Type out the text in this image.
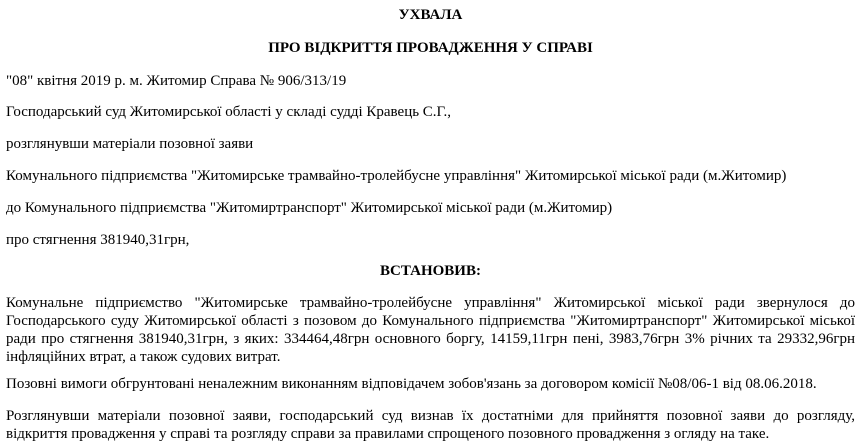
УХВАЛА
ПРО ВІДКРИТТЯ ПРОВАДЖЕННЯ У СПРАВІ
"08" квітня 2019 р. м. Житомир Справа № 906/313/19
Господарський суд Житомирської області у складі судді Кравець С.Г.,
розглянувши матеріали позовної заяви
Комунального підприємства "Житомирське трамвайно-тролейбусне управління" Житомирської міської ради (м.Житомир)
до Комунального підприємства "Житомиртранспорт" Житомирської міської ради (м.Житомир)
про стягнення 381940,31грн,
ВСТАНОВИВ:
Комунальне підприємство "Житомирське трамвайно-тролейбусне управління" Житомирської міської ради звернулося до Господарського суду Житомирської області з позовом до Комунального підприємства "Житомиртранспорт" Житомирської міської ради про стягнення 381940,31грн, з яких: 334464,48грн основного боргу, 14159,11грн пені, 3983,76грн 3% річних та 29332,96грн інфляційних втрат, а також судових витрат.
Позовні вимоги обгрунтовані неналежним виконанням відповідачем зобов'язань за договором комісії №08/06-1 від 08.06.2018.
Розглянувши матеріали позовної заяви, господарський суд визнав їх достатніми для прийняття позовної заяви до розгляду, відкриття провадження у справі та розгляду справи за правилами спрощеного позовного провадження з огляду на таке.
